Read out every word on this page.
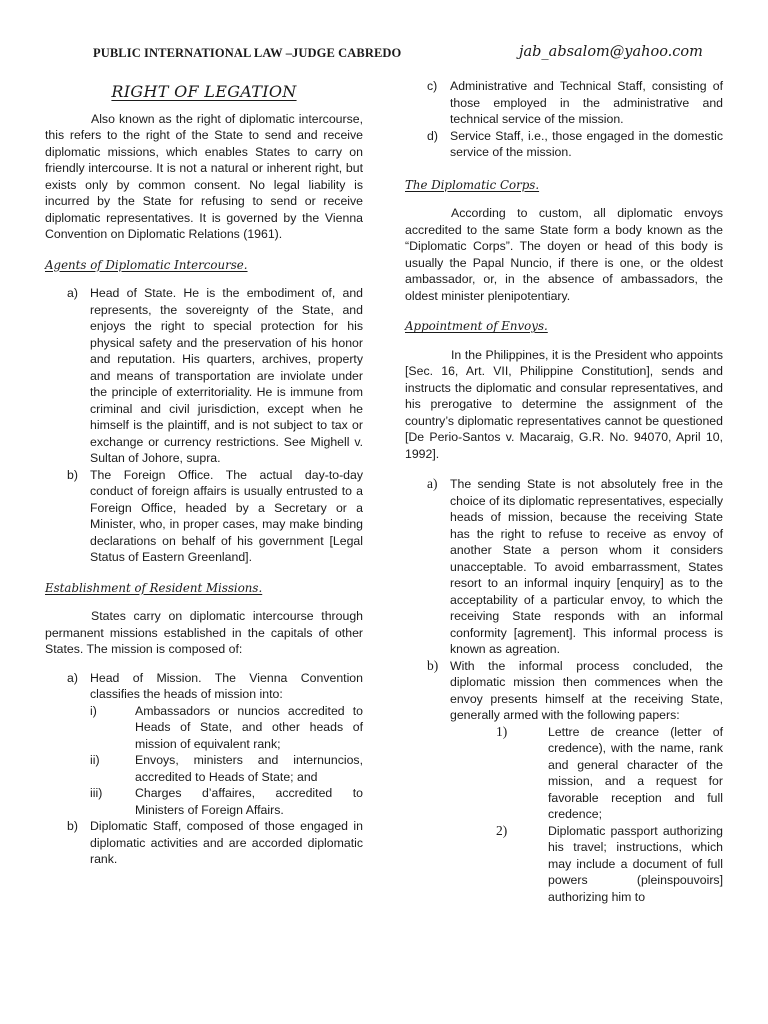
PUBLIC INTERNATIONAL LAW –JUDGE CABREDO	jab_absalom@yahoo.com
RIGHT OF LEGATION

Also known as the right of diplomatic intercourse, this refers to the right of the State to send and receive diplomatic missions, which enables States to carry on friendly intercourse. It is not a natural or inherent right, but exists only by common consent. No legal liability is incurred by the State for refusing to send or receive diplomatic representatives. It is governed by the Vienna Convention on Diplomatic Relations (1961).

Agents of Diplomatic Intercourse.
a) Head of State. He is the embodiment of, and represents, the sovereignty of the State, and enjoys the right to special protection for his physical safety and the preservation of his honor and reputation. His quarters, archives, property and means of transportation are inviolate under the principle of exterritoriality. He is immune from criminal and civil jurisdiction, except when he himself is the plaintiff, and is not subject to tax or exchange or currency restrictions. See Mighell v. Sultan of Johore, supra.
b) The Foreign Office. The actual day-to-day conduct of foreign affairs is usually entrusted to a Foreign Office, headed by a Secretary or a Minister, who, in proper cases, may make binding declarations on behalf of his government [Legal Status of Eastern Greenland].
Establishment of Resident Missions.

States carry on diplomatic intercourse through permanent missions established in the capitals of other States. The mission is composed of:

a) Head of Mission. The Vienna Convention classifies the heads of mission into:
i)	Ambassadors or nuncios accredited to Heads of State, and other heads of mission of equivalent rank;
ii)	Envoys, ministers and internuncios, accredited to Heads of State; and
iii)	Charges d’affaires, accredited to Ministers of Foreign Affairs.
b) Diplomatic Staff, composed of those engaged in diplomatic activities and are accorded diplomatic rank.
c)	Administrative and Technical Staff, consisting of those employed in the administrative and technical service of the mission.
d) Service Staff, i.e., those engaged in the domestic service of the mission.
The Diplomatic Corps.

According to custom, all diplomatic envoys accredited to the same State form a body known as the “Diplomatic Corps”. The doyen or head of this body is usually the Papal Nuncio, if there is one, or the oldest ambassador, or, in the absence of ambassadors, the oldest minister plenipotentiary.

Appointment of Envoys.

In the Philippines, it is the President who appoints [Sec. 16, Art. VII, Philippine Constitution], sends and instructs the diplomatic and consular representatives, and his prerogative to determine the assignment of the country’s diplomatic representatives cannot be questioned [De Perio-Santos v. Macaraig, G.R. No. 94070, April 10, 1992].

a)	The sending State is not absolutely free in the choice of its diplomatic representatives, especially heads of mission, because the receiving State has the right to refuse to receive as envoy of another State a person whom it considers unacceptable. To avoid embarrassment, States resort to an informal inquiry [enquiry] as to the acceptability of a particular envoy, to which the receiving State responds with an informal conformity [agrement]. This informal process is known as agreation.
b) With the informal process concluded, the diplomatic mission then commences when the envoy presents himself at the receiving State, generally armed with the following papers:
1)	Lettre de creance (letter of credence), with the name, rank and general character of the mission, and a request for favorable reception and full credence;
2)	Diplomatic passport authorizing his travel; instructions, which may include a document of full powers (pleinspouvoirs] authorizing him to
